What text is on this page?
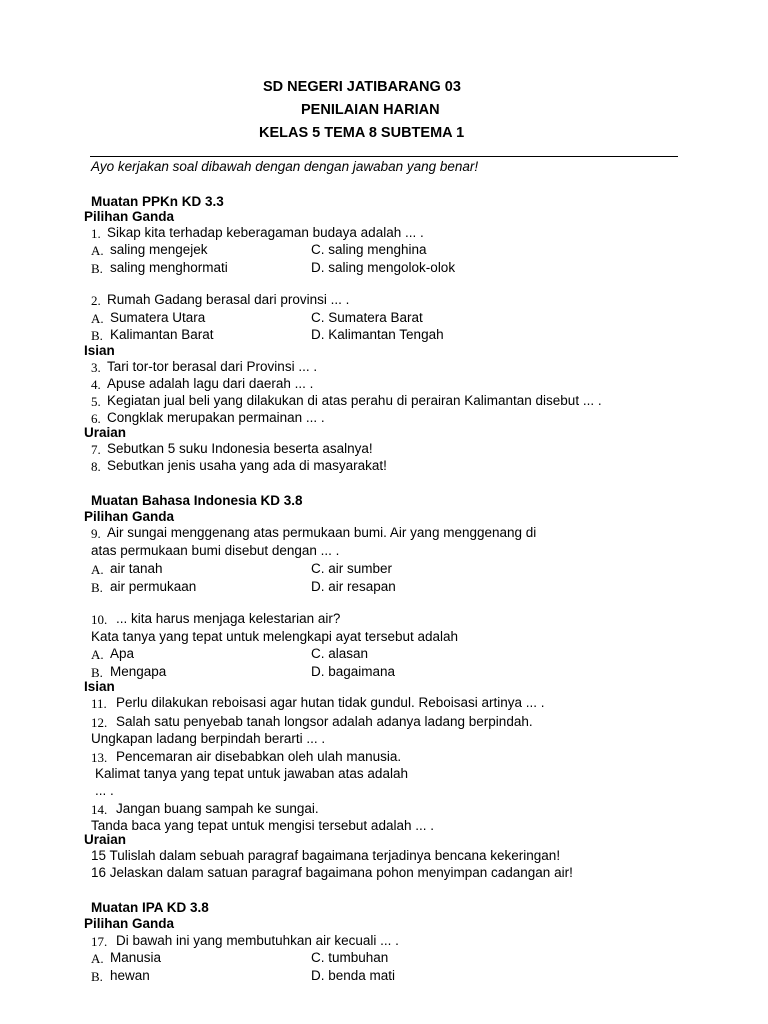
SD NEGERI JATIBARANG 03
PENILAIAN HARIAN
KELAS 5 TEMA 8 SUBTEMA 1
Ayo kerjakan soal dibawah dengan dengan jawaban yang benar!
Muatan PPKn KD 3.3
Pilihan Ganda
1. Sikap kita terhadap keberagaman budaya adalah ... .
A. saling mengejek	C. saling menghina
B. saling menghormati	D. saling mengolok-olok
2. Rumah Gadang berasal dari provinsi ... .
A. Sumatera Utara	C. Sumatera Barat
B. Kalimantan Barat	D. Kalimantan Tengah
Isian
3. Tari tor-tor berasal dari Provinsi ... .
4. Apuse adalah lagu dari daerah ... .
5. Kegiatan jual beli yang dilakukan di atas perahu di perairan Kalimantan disebut ... .
6. Congklak merupakan permainan ... .
Uraian
7. Sebutkan 5 suku Indonesia beserta asalnya!
8. Sebutkan jenis usaha yang ada di masyarakat!
Muatan Bahasa Indonesia KD 3.8
Pilihan Ganda
9. Air sungai menggenang atas permukaan bumi. Air yang menggenang di
atas permukaan bumi disebut dengan ... .
A. air tanah	C. air sumber
B. air permukaan	D. air resapan
10. ... kita harus menjaga kelestarian air?
Kata tanya yang tepat untuk melengkapi ayat tersebut adalah
A. Apa	C. alasan
B. Mengapa	D. bagaimana
Isian
11. Perlu dilakukan reboisasi agar hutan tidak gundul. Reboisasi artinya ... .
12. Salah satu penyebab tanah longsor adalah adanya ladang berpindah.
Ungkapan ladang berpindah berarti ... .
13. Pencemaran air disebabkan oleh ulah manusia.
Kalimat tanya yang tepat untuk jawaban atas adalah
... .
14. Jangan buang sampah ke sungai.
Tanda baca yang tepat untuk mengisi tersebut adalah ... .
Uraian
15 Tulislah dalam sebuah paragraf bagaimana terjadinya bencana kekeringan!
16 Jelaskan dalam satuan paragraf bagaimana pohon menyimpan cadangan air!
Muatan IPA KD 3.8
Pilihan Ganda
17. Di bawah ini yang membutuhkan air kecuali ... .
A. Manusia	C. tumbuhan
B. hewan	D. benda mati
